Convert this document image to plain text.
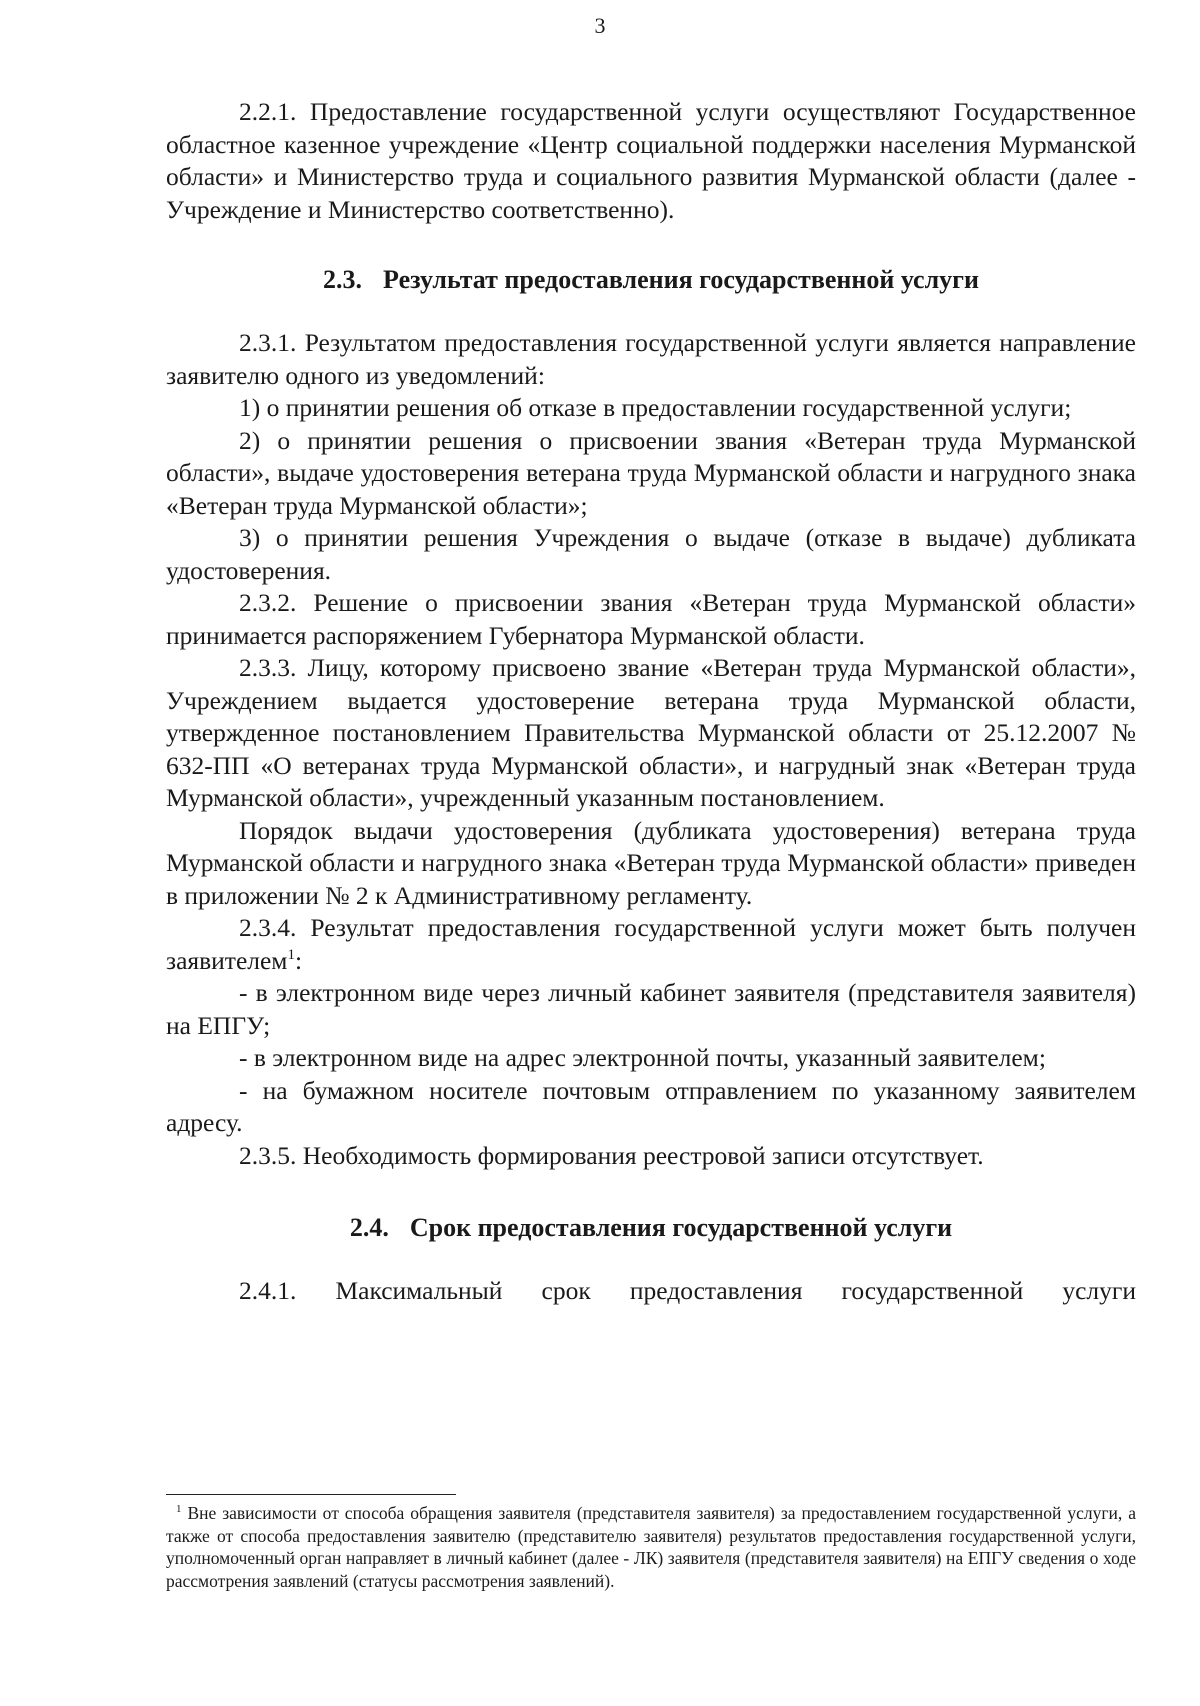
3

2.2.1. Предоставление государственной услуги осуществляют Государственное областное казенное учреждение «Центр социальной поддержки населения Мурманской области» и Министерство труда и социального развития Мурманской области (далее - Учреждение и Министерство соответственно).

2.3. Результат предоставления государственной услуги

2.3.1. Результатом предоставления государственной услуги является направление заявителю одного из уведомлений:

1) о принятии решения об отказе в предоставлении государственной услуги;

2) о принятии решения о присвоении звания «Ветеран труда Мурманской области», выдаче удостоверения ветерана труда Мурманской области и нагрудного знака «Ветеран труда Мурманской области»;

3) о принятии решения Учреждения о выдаче (отказе в выдаче) дубликата удостоверения.

2.3.2. Решение о присвоении звания «Ветеран труда Мурманской области» принимается распоряжением Губернатора Мурманской области.

2.3.3. Лицу, которому присвоено звание «Ветеран труда Мурманской области», Учреждением выдается удостоверение ветерана труда Мурманской области, утвержденное постановлением Правительства Мурманской области от 25.12.2007 № 632-ПП «О ветеранах труда Мурманской области», и нагрудный знак «Ветеран труда Мурманской области», учрежденный указанным постановлением.

Порядок выдачи удостоверения (дубликата удостоверения) ветерана труда Мурманской области и нагрудного знака «Ветеран труда Мурманской области» приведен в приложении № 2 к Административному регламенту.

2.3.4. Результат предоставления государственной услуги может быть получен заявителем$^1$:

- в электронном виде через личный кабинет заявителя (представителя заявителя) на ЕПГУ;

- в электронном виде на адрес электронной почты, указанный заявителем;

- на бумажном носителе почтовым отправлением по указанному заявителем адресу.

2.3.5. Необходимость формирования реестровой записи отсутствует.

2.4. Срок предоставления государственной услуги

2.4.1. Максимальный срок предоставления государственной услуги

$^1$ Вне зависимости от способа обращения заявителя (представителя заявителя) за предоставлением государственной услуги, а также от способа предоставления заявителю (представителю заявителя) результатов предоставления государственной услуги, уполномоченный орган направляет в личный кабинет (далее - ЛК) заявителя (представителя заявителя) на ЕПГУ сведения о ходе рассмотрения заявлений (статусы рассмотрения заявлений).
